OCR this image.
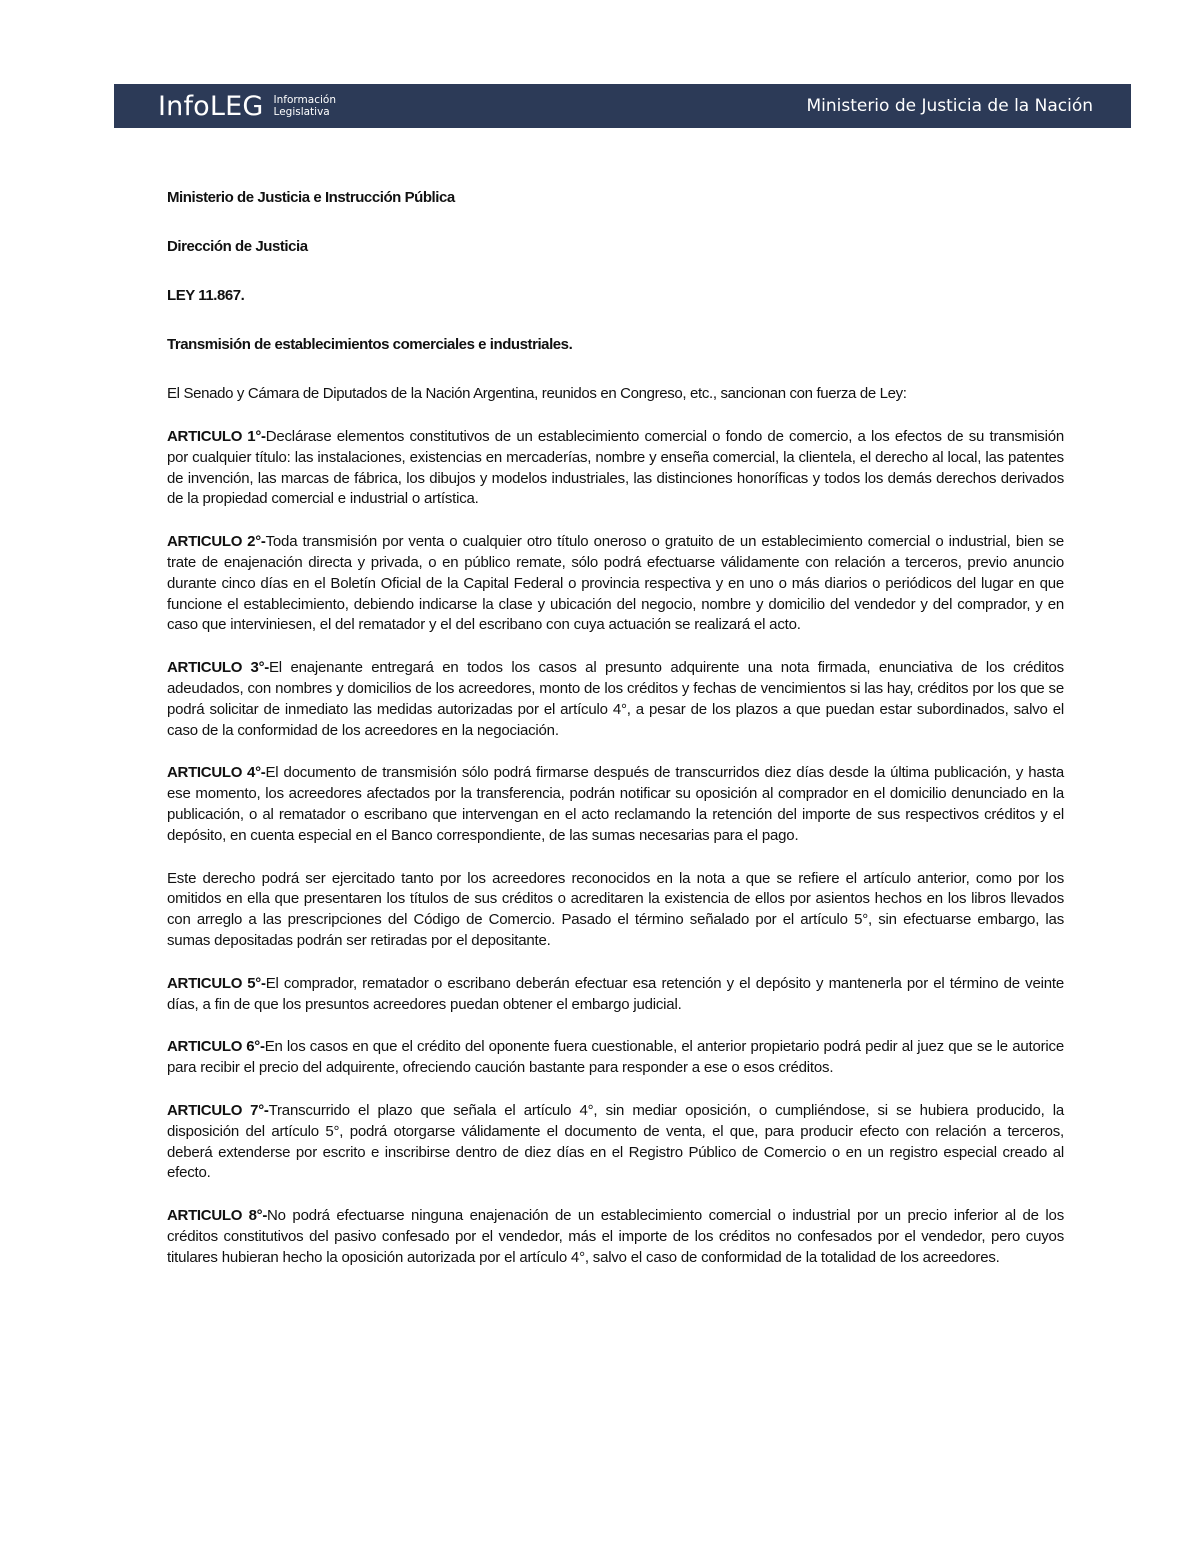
InfoLEG Información
Legislativa	Ministerio de Justicia de la Nación

Ministerio de Justicia e Instrucción Pública

Dirección de Justicia

LEY 11.867.

Transmisión de establecimientos comerciales e industriales.

El Senado y Cámara de Diputados de la Nación Argentina, reunidos en Congreso, etc., sancionan con fuerza de Ley:

ARTICULO 1°-Declárase elementos constitutivos de un establecimiento comercial o fondo de comercio, a los efectos de su transmisión por cualquier título: las instalaciones, existencias en mercaderías, nombre y enseña comercial, la clientela, el derecho al local, las patentes de invención, las marcas de fábrica, los dibujos y modelos industriales, las distinciones honoríficas y todos los demás derechos derivados de la propiedad comercial e industrial o artística.

ARTICULO 2°-Toda transmisión por venta o cualquier otro título oneroso o gratuito de un establecimiento comercial o industrial, bien se trate de enajenación directa y privada, o en público remate, sólo podrá efectuarse válidamente con relación a terceros, previo anuncio durante cinco días en el Boletín Oficial de la Capital Federal o provincia respectiva y en uno o más diarios o periódicos del lugar en que funcione el establecimiento, debiendo indicarse la clase y ubicación del negocio, nombre y domicilio del vendedor y del comprador, y en caso que interviniesen, el del rematador y el del escribano con cuya actuación se realizará el acto.

ARTICULO 3°-El enajenante entregará en todos los casos al presunto adquirente una nota firmada, enunciativa de los créditos adeudados, con nombres y domicilios de los acreedores, monto de los créditos y fechas de vencimientos si las hay, créditos por los que se podrá solicitar de inmediato las medidas autorizadas por el artículo 4°, a pesar de los plazos a que puedan estar subordinados, salvo el caso de la conformidad de los acreedores en la negociación.

ARTICULO 4°-El documento de transmisión sólo podrá firmarse después de transcurridos diez días desde la última publicación, y hasta ese momento, los acreedores afectados por la transferencia, podrán notificar su oposición al comprador en el domicilio denunciado en la publicación, o al rematador o escribano que intervengan en el acto reclamando la retención del importe de sus respectivos créditos y el depósito, en cuenta especial en el Banco correspondiente, de las sumas necesarias para el pago.

Este derecho podrá ser ejercitado tanto por los acreedores reconocidos en la nota a que se refiere el artículo anterior, como por los omitidos en ella que presentaren los títulos de sus créditos o acreditaren la existencia de ellos por asientos hechos en los libros llevados con arreglo a las prescripciones del Código de Comercio. Pasado el término señalado por el artículo 5°, sin efectuarse embargo, las sumas depositadas podrán ser retiradas por el depositante.

ARTICULO 5°-El comprador, rematador o escribano deberán efectuar esa retención y el depósito y mantenerla por el término de veinte días, a fin de que los presuntos acreedores puedan obtener el embargo judicial.

ARTICULO 6°-En los casos en que el crédito del oponente fuera cuestionable, el anterior propietario podrá pedir al juez que se le autorice para recibir el precio del adquirente, ofreciendo caución bastante para responder a ese o esos créditos.

ARTICULO 7°-Transcurrido el plazo que señala el artículo 4°, sin mediar oposición, o cumpliéndose, si se hubiera producido, la disposición del artículo 5°, podrá otorgarse válidamente el documento de venta, el que, para producir efecto con relación a terceros, deberá extenderse por escrito e inscribirse dentro de diez días en el Registro Público de Comercio o en un registro especial creado al efecto.

ARTICULO 8°-No podrá efectuarse ninguna enajenación de un establecimiento comercial o industrial por un precio inferior al de los créditos constitutivos del pasivo confesado por el vendedor, más el importe de los créditos no confesados por el vendedor, pero cuyos titulares hubieran hecho la oposición autorizada por el artículo 4°, salvo el caso de conformidad de la totalidad de los acreedores.
